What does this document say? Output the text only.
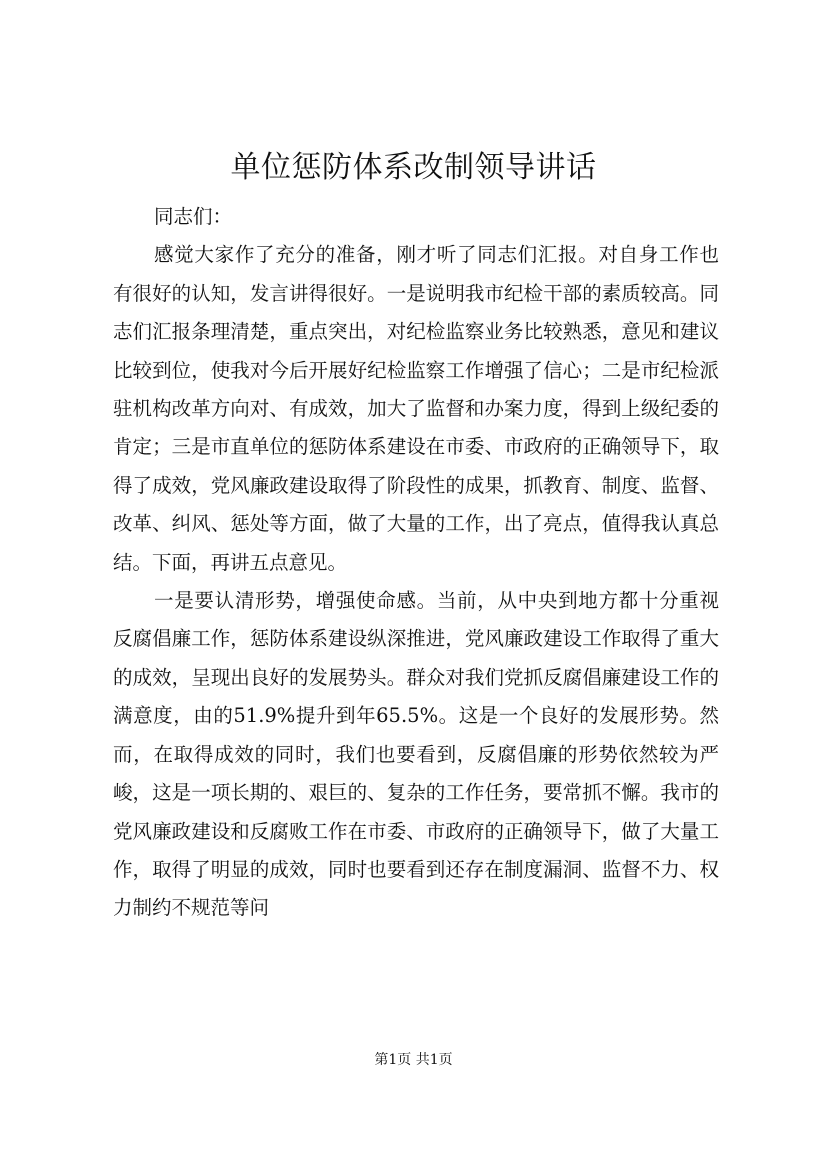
单位惩防体系改制领导讲话

同志们：

感觉大家作了充分的准备，刚才听了同志们汇报。对自身工作也有很好的认知，发言讲得很好。一是说明我市纪检干部的素质较高。同志们汇报条理清楚，重点突出，对纪检监察业务比较熟悉，意见和建议比较到位，使我对今后开展好纪检监察工作增强了信心；二是市纪检派驻机构改革方向对、有成效，加大了监督和办案力度，得到上级纪委的肯定；三是市直单位的惩防体系建设在市委、市政府的正确领导下，取得了成效，党风廉政建设取得了阶段性的成果，抓教育、制度、监督、改革、纠风、惩处等方面，做了大量的工作，出了亮点，值得我认真总结。下面，再讲五点意见。

一是要认清形势，增强使命感。当前，从中央到地方都十分重视反腐倡廉工作，惩防体系建设纵深推进，党风廉政建设工作取得了重大的成效，呈现出良好的发展势头。群众对我们党抓反腐倡廉建设工作的满意度，由的51.9%提升到年65.5%。这是一个良好的发展形势。然而，在取得成效的同时，我们也要看到，反腐倡廉的形势依然较为严峻，这是一项长期的、艰巨的、复杂的工作任务，要常抓不懈。我市的党风廉政建设和反腐败工作在市委、市政府的正确领导下，做了大量工作，取得了明显的成效，同时也要看到还存在制度漏洞、监督不力、权力制约不规范等问

第1页 共1页
